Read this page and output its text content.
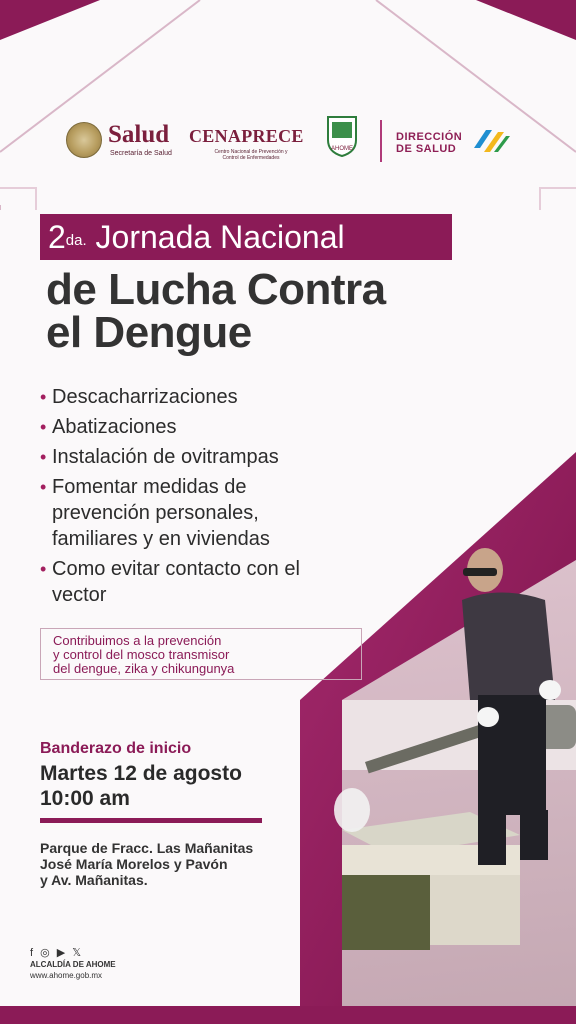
Salud
Secretaría de Salud
CENAPRECE
Centro Nacional de Prevención y Control de Enfermedades
AHOME
DIRECCIÓN
DE SALUD
$2^{da.}$ Jornada Nacional
de Lucha Contra
el Dengue
• Descacharrizaciones
• Abatizaciones
• Instalación de ovitrampas
• Fomentar medidas de prevención personales, familiares y en viviendas
• Como evitar contacto con el vector
Contribuimos a la prevención
y control del mosco transmisor
del dengue, zika y chikungunya
Banderazo de inicio
Martes 12 de agosto
10:00 am
Parque de Fracc. Las Mañanitas
José María Morelos y Pavón
y Av. Mañanitas.
f ◎ ▶ 𝕏
ALCALDÍA DE AHOME
www.ahome.gob.mx
